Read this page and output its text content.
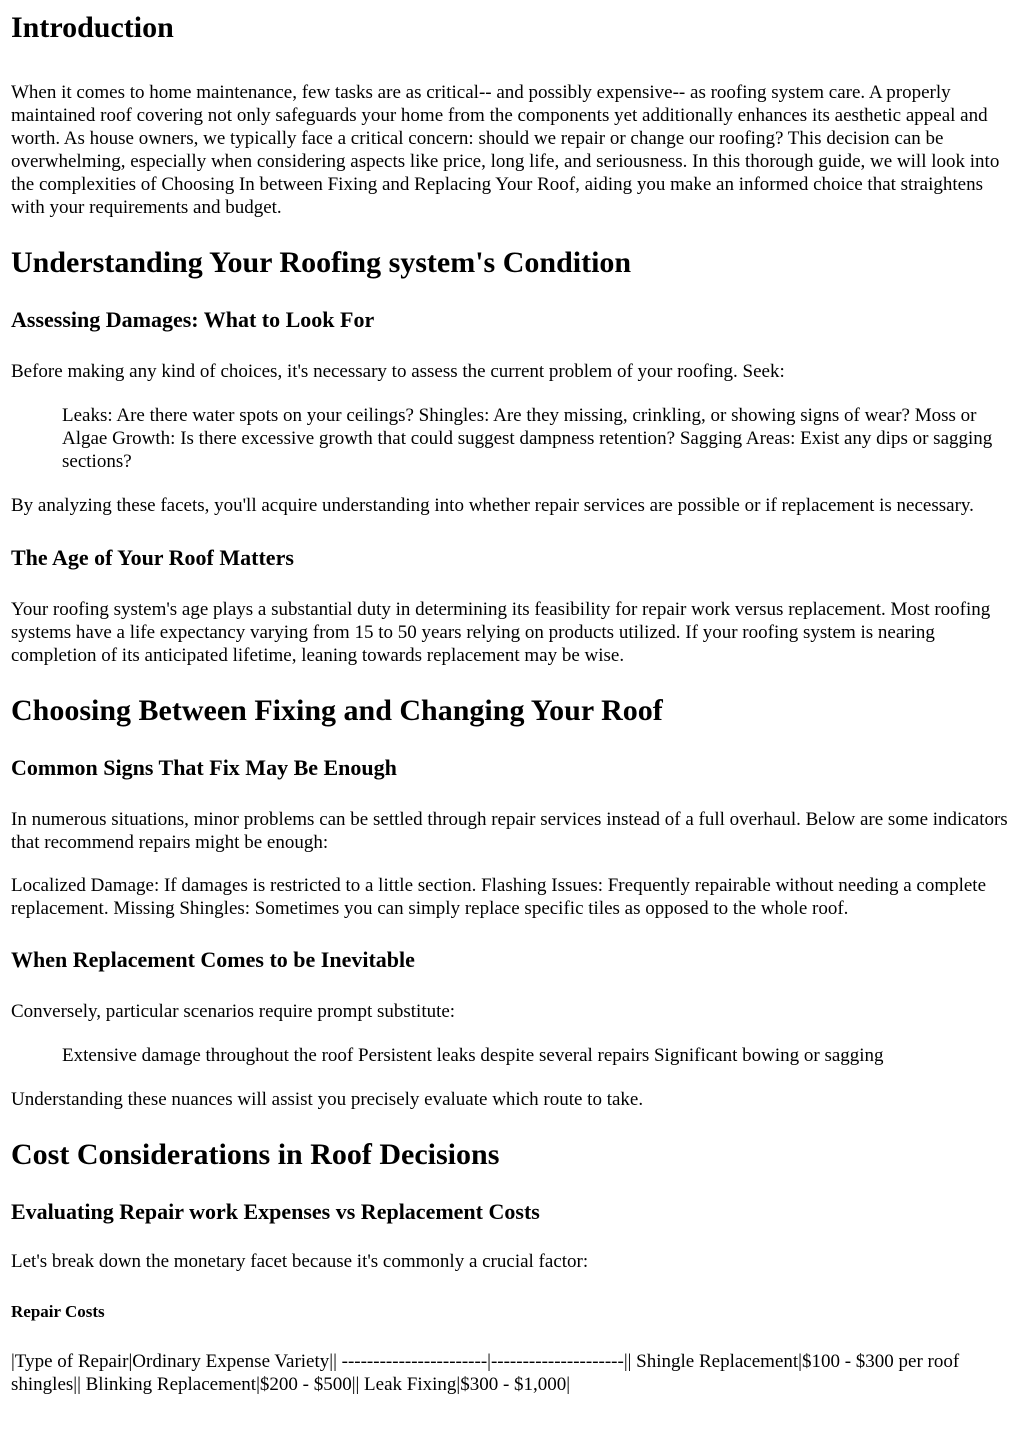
Introduction

When it comes to home maintenance, few tasks are as critical-- and possibly expensive-- as roofing system care. A properly maintained roof covering not only safeguards your home from the components yet additionally enhances its aesthetic appeal and worth. As house owners, we typically face a critical concern: should we repair or change our roofing? This decision can be overwhelming, especially when considering aspects like price, long life, and seriousness. In this thorough guide, we will look into the complexities of Choosing In between Fixing and Replacing Your Roof, aiding you make an informed choice that straightens with your requirements and budget.

Understanding Your Roofing system's Condition
Assessing Damages: What to Look For

Before making any kind of choices, it's necessary to assess the current problem of your roofing. Seek:

Leaks: Are there water spots on your ceilings? Shingles: Are they missing, crinkling, or showing signs of wear? Moss or Algae Growth: Is there excessive growth that could suggest dampness retention? Sagging Areas: Exist any dips or sagging sections?

By analyzing these facets, you'll acquire understanding into whether repair services are possible or if replacement is necessary.

The Age of Your Roof Matters

Your roofing system's age plays a substantial duty in determining its feasibility for repair work versus replacement. Most roofing systems have a life expectancy varying from 15 to 50 years relying on products utilized. If your roofing system is nearing completion of its anticipated lifetime, leaning towards replacement may be wise.

Choosing Between Fixing and Changing Your Roof
Common Signs That Fix May Be Enough

In numerous situations, minor problems can be settled through repair services instead of a full overhaul. Below are some indicators that recommend repairs might be enough:

Localized Damage: If damages is restricted to a little section. Flashing Issues: Frequently repairable without needing a complete replacement. Missing Shingles: Sometimes you can simply replace specific tiles as opposed to the whole roof.

When Replacement Comes to be Inevitable

Conversely, particular scenarios require prompt substitute:

Extensive damage throughout the roof Persistent leaks despite several repairs Significant bowing or sagging

Understanding these nuances will assist you precisely evaluate which route to take.

Cost Considerations in Roof Decisions
Evaluating Repair work Expenses vs Replacement Costs

Let's break down the monetary facet because it's commonly a crucial factor:

Repair Costs

|Type of Repair|Ordinary Expense Variety|| -----------------------|---------------------|| Shingle Replacement|$100 - $300 per roof shingles|| Blinking Replacement|$200 - $500|| Leak Fixing|$300 - $1,000|
